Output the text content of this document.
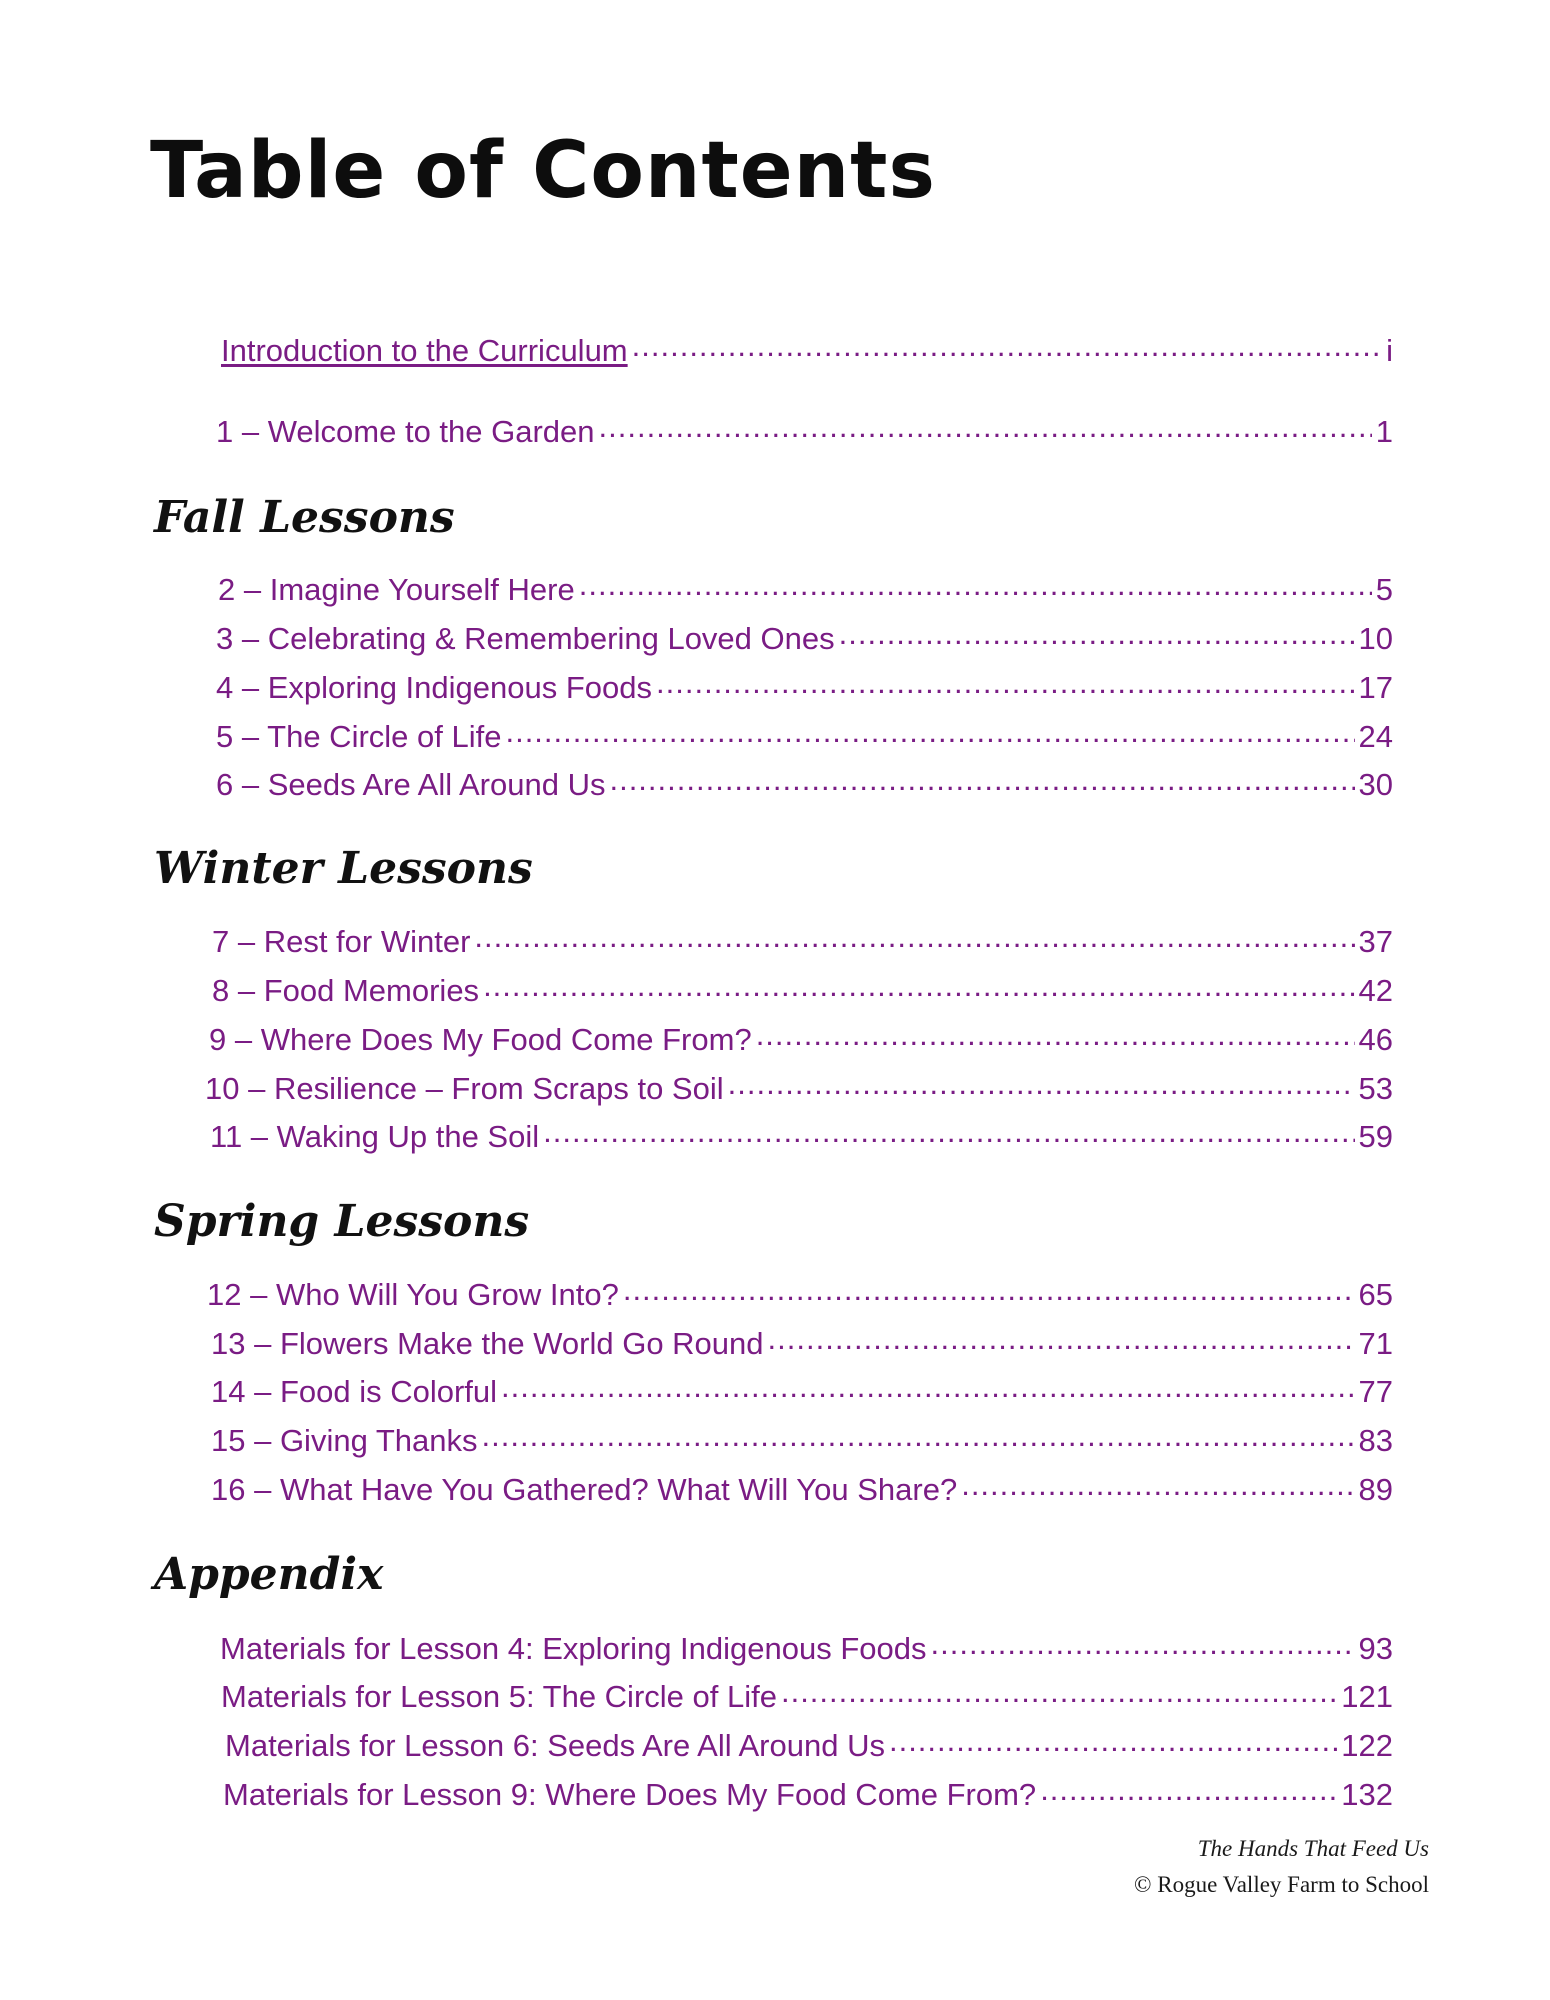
Table of Contents
Introduction to the Curriculum .....	i
1 – Welcome to the Garden .....	1
Fall Lessons
2 – Imagine Yourself Here .....	5
3 – Celebrating & Remembering Loved Ones .....	10
4 – Exploring Indigenous Foods .....	17
5 – The Circle of Life .....	24
6 – Seeds Are All Around Us .....	30
Winter Lessons
7 – Rest for Winter .....	37
8 – Food Memories .....	42
9 – Where Does My Food Come From? .....	46
10 – Resilience – From Scraps to Soil .....	53
11 – Waking Up the Soil .....	59
Spring Lessons
12 – Who Will You Grow Into? .....	65
13 – Flowers Make the World Go Round .....	71
14 – Food is Colorful .....	77
15 – Giving Thanks .....	83
16 – What Have You Gathered? What Will You Share? .....	89
Appendix
Materials for Lesson 4: Exploring Indigenous Foods .....	93
Materials for Lesson 5: The Circle of Life .....	121
Materials for Lesson 6: Seeds Are All Around Us .....	122
Materials for Lesson 9: Where Does My Food Come From? .....	132

The Hands That Feed Us

© Rogue Valley Farm to School
